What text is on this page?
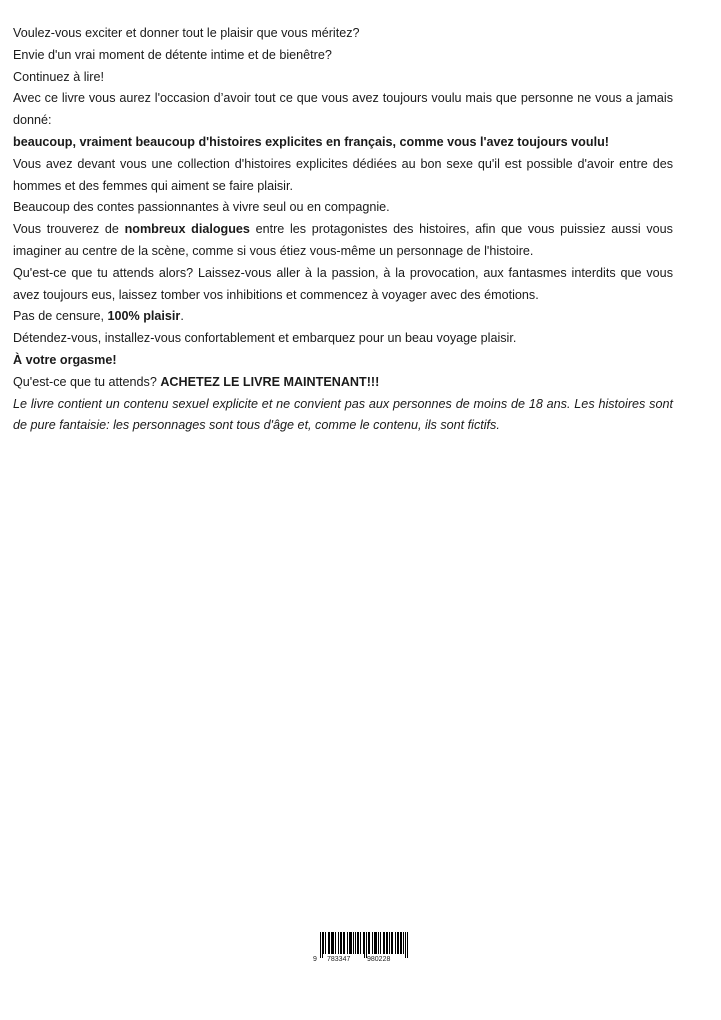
Voulez-vous exciter et donner tout le plaisir que vous méritez?

Envie d'un vrai moment de détente intime et de bienêtre?

Continuez à lire!

Avec ce livre vous aurez l'occasion d’avoir tout ce que vous avez toujours voulu mais que personne ne vous a jamais donné:

beaucoup, vraiment beaucoup d'histoires explicites en français, comme vous l'avez toujours voulu!

Vous avez devant vous une collection d'histoires explicites dédiées au bon sexe qu'il est possible d'avoir entre des hommes et des femmes qui aiment se faire plaisir.

Beaucoup des contes passionnantes à vivre seul ou en compagnie.

Vous trouverez de nombreux dialogues entre les protagonistes des histoires, afin que vous puissiez aussi vous imaginer au centre de la scène, comme si vous étiez vous-même un personnage de l'histoire.

Qu'est-ce que tu attends alors? Laissez-vous aller à la passion, à la provocation, aux fantasmes interdits que vous avez toujours eus, laissez tomber vos inhibitions et commencez à voyager avec des émotions.

Pas de censure, 100% plaisir.

Détendez-vous, installez-vous confortablement et embarquez pour un beau voyage plaisir.

À votre orgasme!

Qu'est-ce que tu attends? ACHETEZ LE LIVRE MAINTENANT!!!

Le livre contient un contenu sexuel explicite et ne convient pas aux personnes de moins de 18 ans. Les histoires sont de pure fantaisie: les personnages sont tous d'âge et, comme le contenu, ils sont fictifs.

9 783347 980228
